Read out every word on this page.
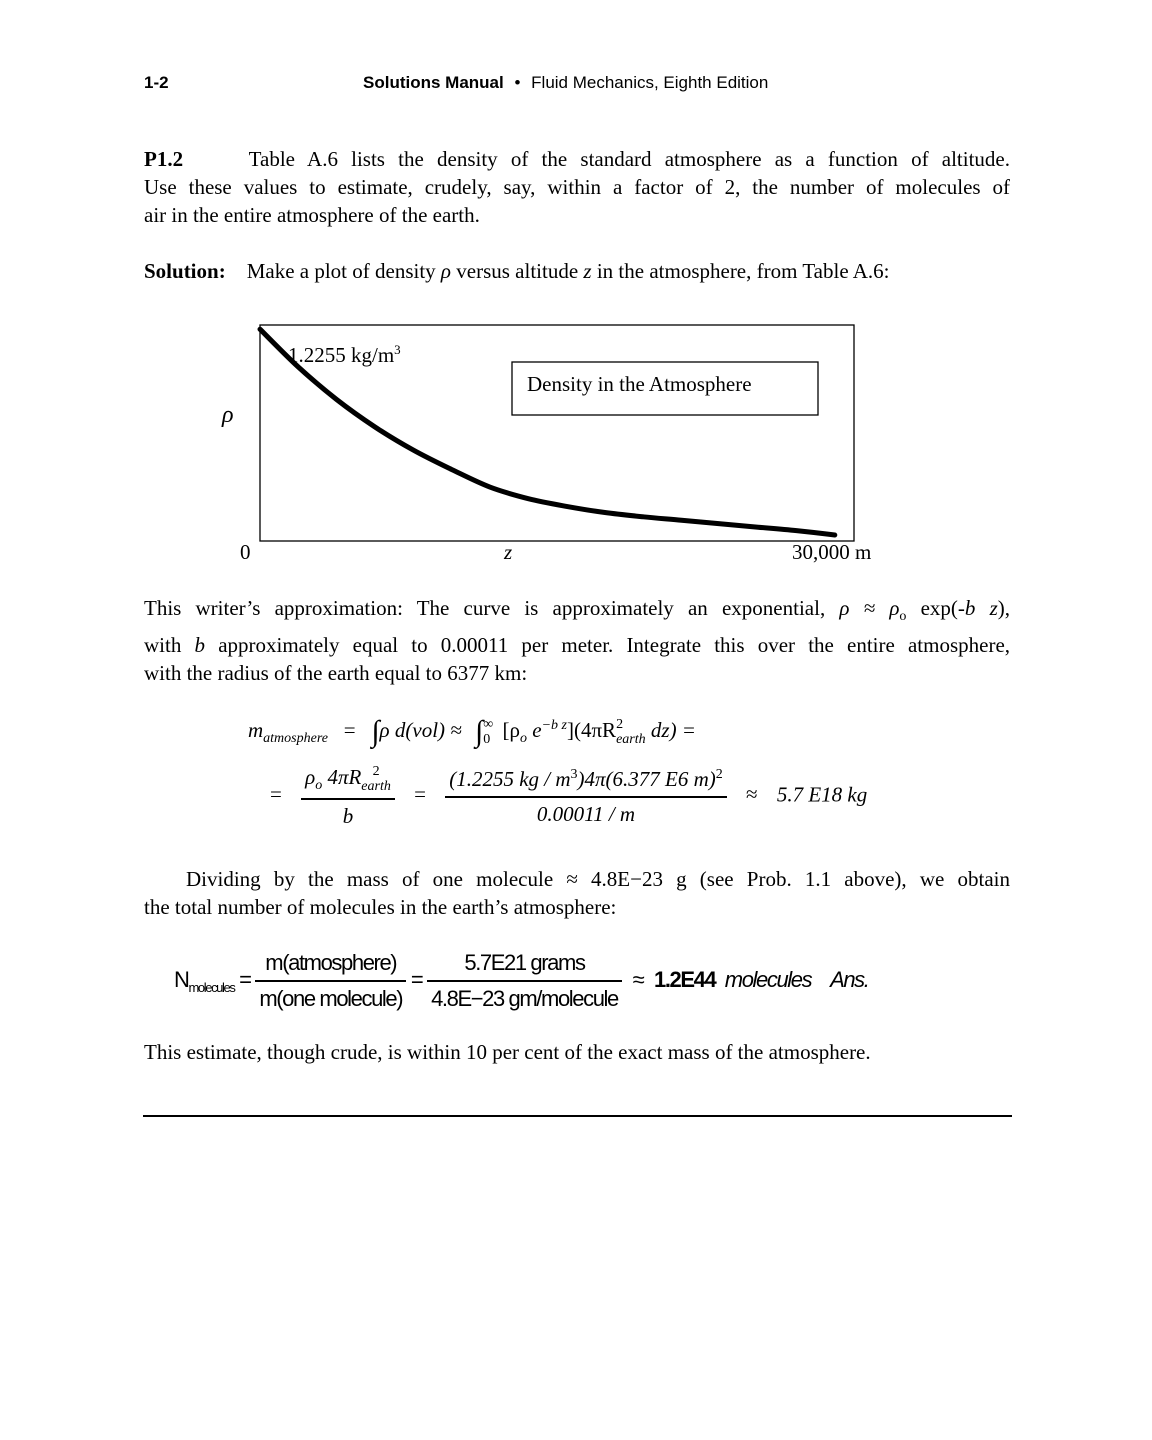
1-2	Solutions Manual • Fluid Mechanics, Eighth Edition
P1.2	Table A.6 lists the density of the standard atmosphere as a function of altitude.
Use these values to estimate, crudely, say, within a factor of 2, the number of molecules of
air in the entire atmosphere of the earth.
Solution: Make a plot of density ρ versus altitude z in the atmosphere, from Table A.6:
1.2255 $kg/m^3$
Density in the Atmosphere
ρ
0	z	30,000 m
This writer’s approximation: The curve is approximately an exponential, $\rho \approx \rho_o$ exp(-b z),
with b approximately equal to 0.00011 per meter. Integrate this over the entire atmosphere,
with the radius of the earth equal to 6377 km:
$m_{atmosphere} = \int\rho$ d(vol) ≈ ∫ ∞
0 [$\rho_o$ $e^{-b z}](4\pi R$ 2
earth dz) =
= $\rho_o$ 4πR 2
earth
$b = \frac{(1.2255 kg / m^3)4\pi(6.377 E6 m)^2}{0.00011 / m} \approx 5.7$ E18 kg
Dividing by the mass of one molecule ≈ 4.8E−23 g (see Prob. 1.1 above), we obtain
the total number of molecules in the earth’s atmosphere:
$N_{molecules} = \frac{\text{m(atmosphere)}}{\text{m(one molecule)}} = \frac{\text{5.7E21 grams}}{\text{4.8E−23 gm/molecule}} \approx 1.2E44$ molecules Ans.
This estimate, though crude, is within 10 per cent of the exact mass of the atmosphere.
